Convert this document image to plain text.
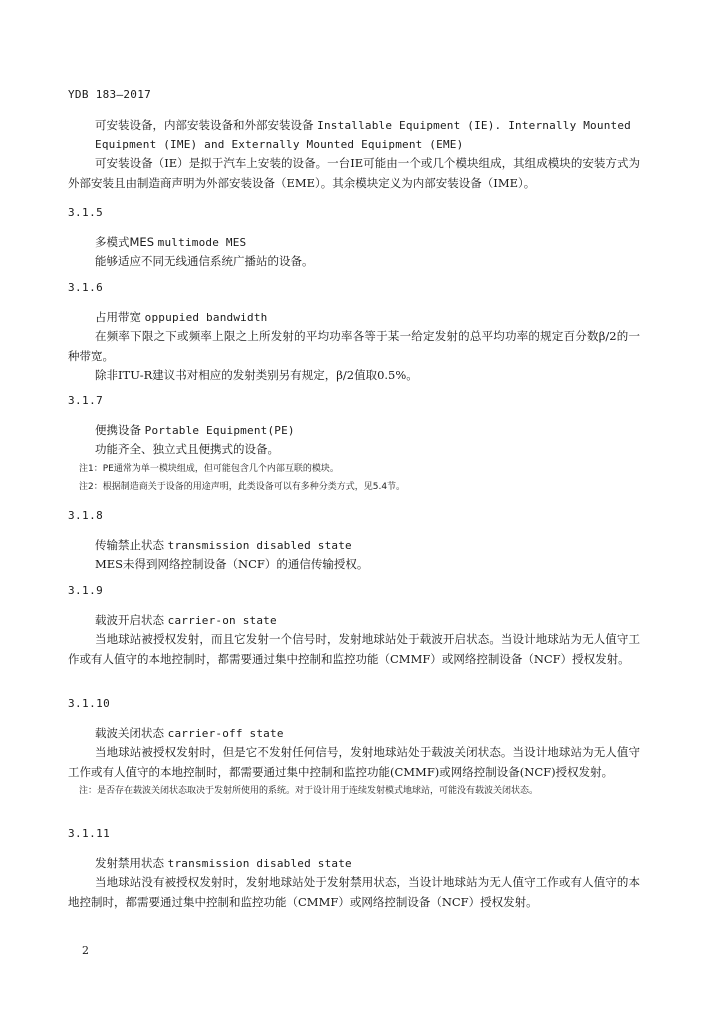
YDB 183—2017
可安装设备，内部安装设备和外部安装设备 Installable Equipment (IE). Internally Mounted Equipment (IME) and Externally Mounted Equipment (EME)
可安装设备（IE）是拟于汽车上安装的设备。一台IE可能由一个或几个模块组成，其组成模块的安装方式为外部安装且由制造商声明为外部安装设备（EME）。其余模块定义为内部安装设备（IME）。
3.1.5
多模式MES multimode MES
能够适应不同无线通信系统广播站的设备。
3.1.6
占用带宽 oppupied bandwidth
在频率下限之下或频率上限之上所发射的平均功率各等于某一给定发射的总平均功率的规定百分数β/2的一种带宽。
除非ITU-R建议书对相应的发射类别另有规定，β/2值取0.5%。
3.1.7
便携设备 Portable Equipment(PE)
功能齐全、独立式且便携式的设备。
注1：PE通常为单一模块组成，但可能包含几个内部互联的模块。
注2：根据制造商关于设备的用途声明，此类设备可以有多种分类方式，见5.4节。
3.1.8
传输禁止状态 transmission disabled state
MES未得到网络控制设备（NCF）的通信传输授权。
3.1.9
载波开启状态 carrier-on state
当地球站被授权发射，而且它发射一个信号时，发射地球站处于载波开启状态。当设计地球站为无人值守工作或有人值守的本地控制时，都需要通过集中控制和监控功能（CMMF）或网络控制设备（NCF）授权发射。
3.1.10
载波关闭状态 carrier-off state
当地球站被授权发射时，但是它不发射任何信号，发射地球站处于载波关闭状态。当设计地球站为无人值守工作或有人值守的本地控制时，都需要通过集中控制和监控功能(CMMF)或网络控制设备(NCF)授权发射。
注：是否存在载波关闭状态取决于发射所使用的系统。对于设计用于连续发射模式地球站，可能没有载波关闭状态。
3.1.11
发射禁用状态 transmission disabled state
当地球站没有被授权发射时，发射地球站处于发射禁用状态，当设计地球站为无人值守工作或有人值守的本地控制时，都需要通过集中控制和监控功能（CMMF）或网络控制设备（NCF）授权发射。
2
